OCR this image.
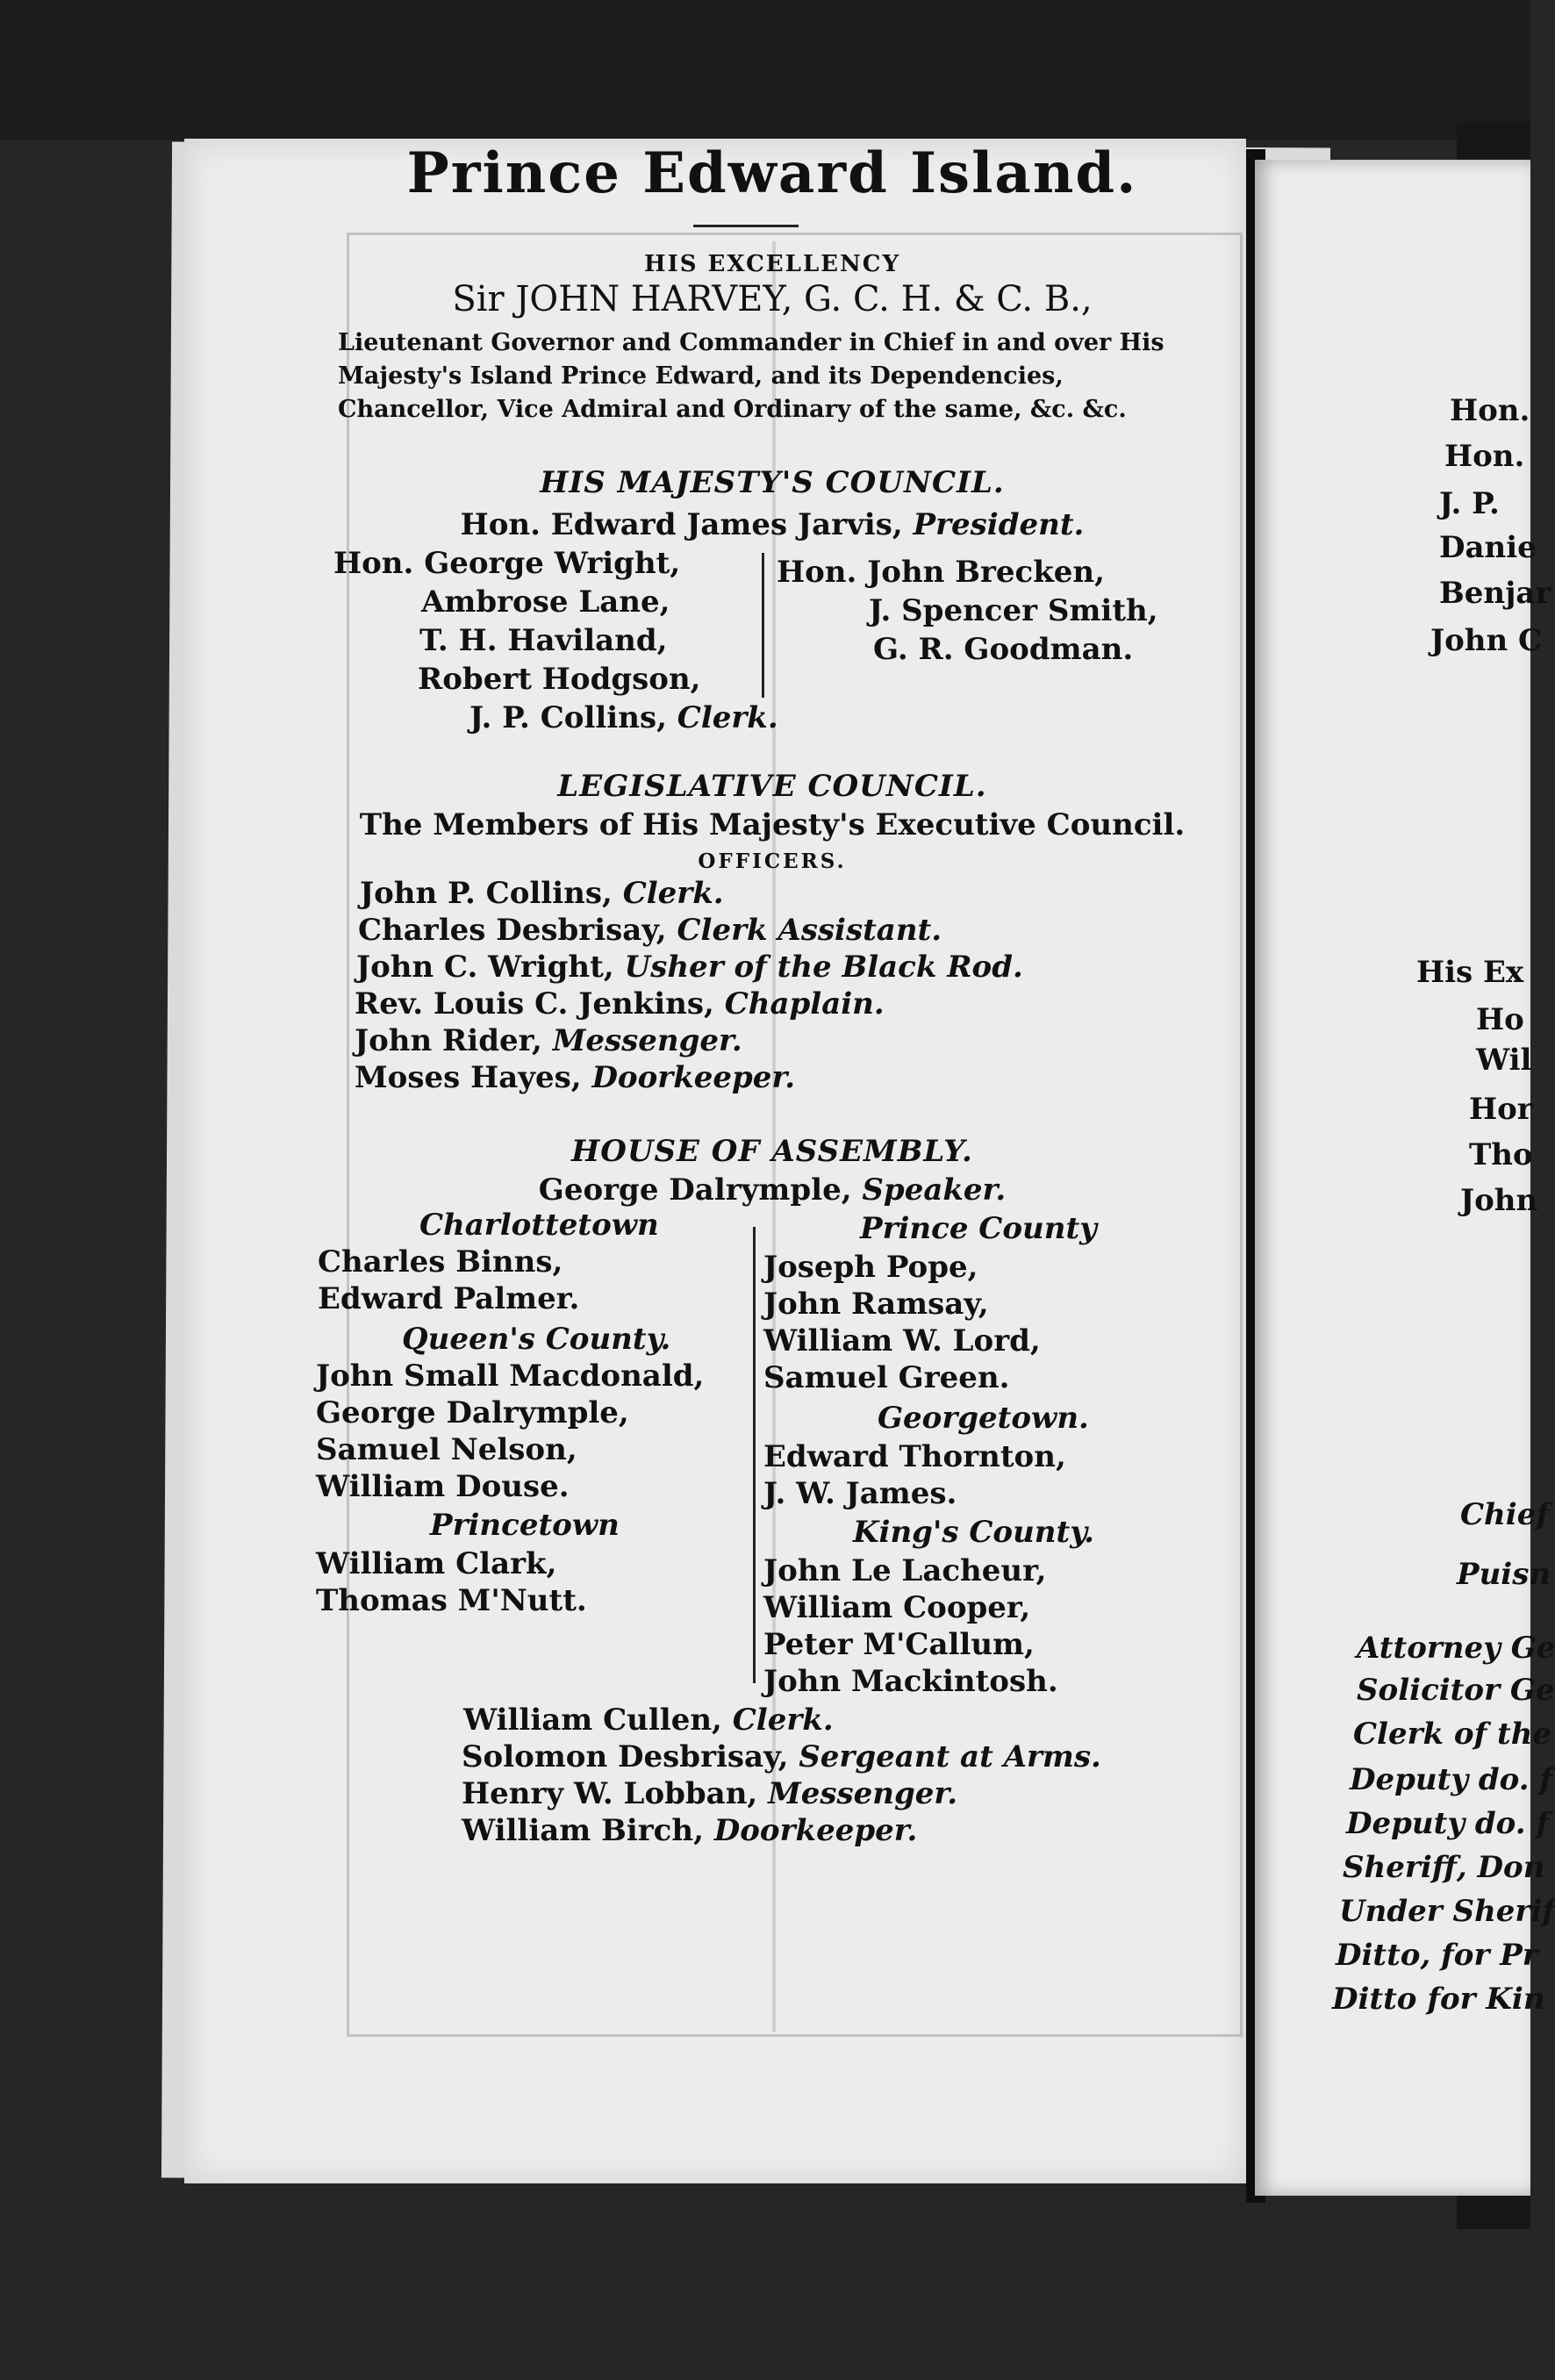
Prince Edward Island.
HIS EXCELLENCY
Sir JOHN HARVEY, G. C. H. & C. B.,
Lieutenant Governor and Commander in Chief in and over His Majesty's Island Prince Edward, and its Dependencies, Chancellor, Vice Admiral and Ordinary of the same, &c. &c.
HIS MAJESTY'S COUNCIL.
Hon. Edward James Jarvis, President.
Hon. George Wright,
Ambrose Lane,
T. H. Haviland,
Robert Hodgson,
Hon. John Brecken,
J. Spencer Smith,
G. R. Goodman.
J. P. Collins, Clerk.
LEGISLATIVE COUNCIL.
The Members of His Majesty's Executive Council.
OFFICERS.
John P. Collins, Clerk.
Charles Desbrisay, Clerk Assistant.
John C. Wright, Usher of the Black Rod.
Rev. Louis C. Jenkins, Chaplain.
John Rider, Messenger.
Moses Hayes, Doorkeeper.
HOUSE OF ASSEMBLY.
George Dalrymple, Speaker.
Charlottetown
Charles Binns,
Edward Palmer.
Queen's County.
John Small Macdonald,
George Dalrymple,
Samuel Nelson,
William Douse.
Princetown
William Clark,
Thomas M'Nutt.
Prince County
Joseph Pope,
John Ramsay,
William W. Lord,
Samuel Green.
Georgetown.
Edward Thornton,
J. W. James.
King's County.
John Le Lacheur,
William Cooper,
Peter M'Callum,
John Mackintosh.
William Cullen, Clerk.
Solomon Desbrisay, Sergeant at Arms.
Henry W. Lobban, Messenger.
William Birch, Doorkeeper.
Hon.
Hon.
J. P.
Danie
Benjar
John C
His Ex
Ho
Wil
Hor
Tho
John
Chief
Puisn
Attorney Ge
Solicitor Ge
Clerk of the
Deputy do. f
Deputy do. f
Sheriff, Don
Under Sherif
Ditto, for Pr
Ditto for Kin
